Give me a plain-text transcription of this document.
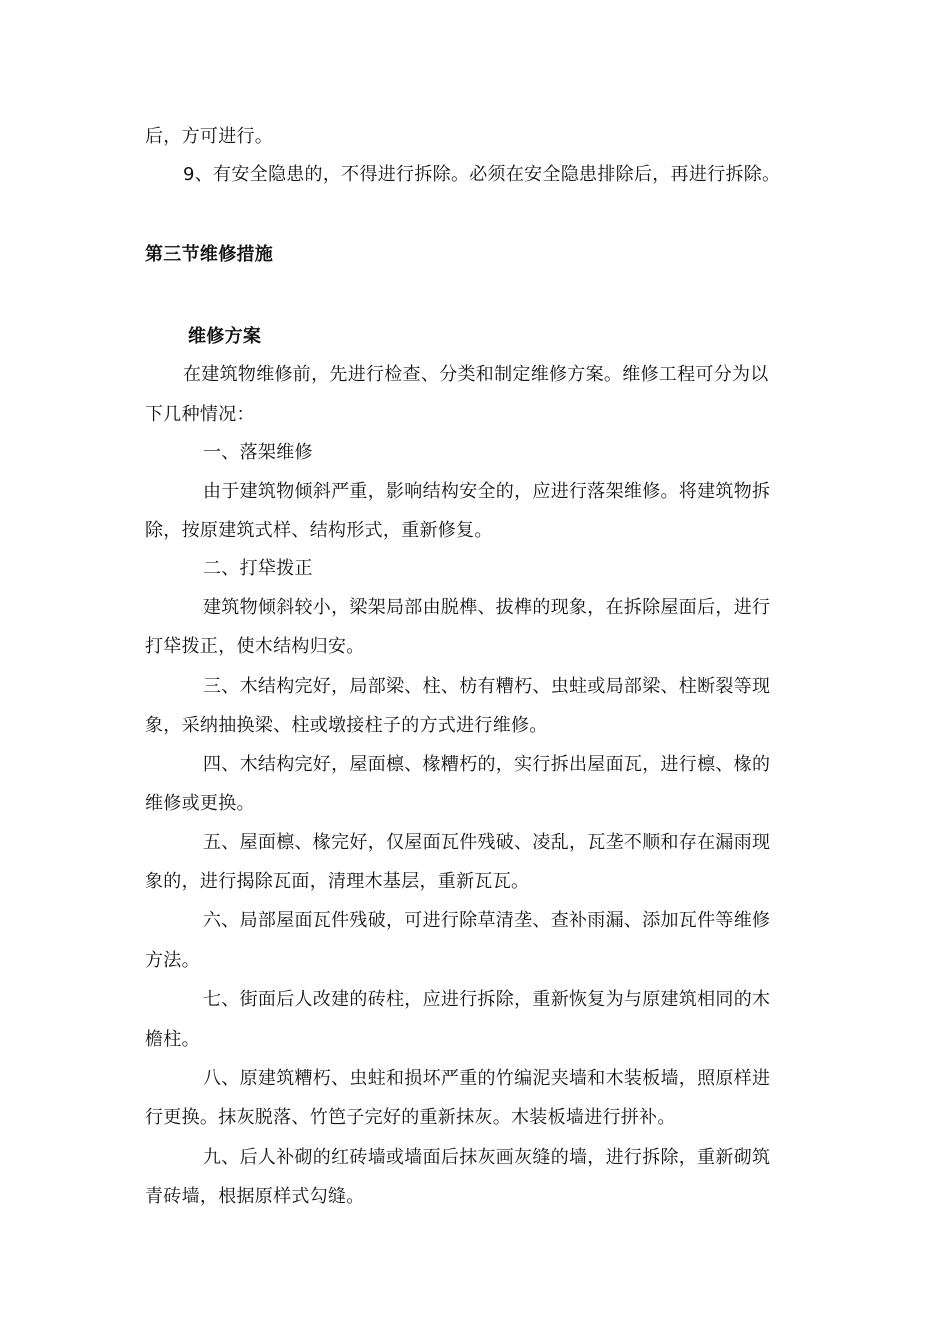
后，方可进行。
9、有安全隐患的，不得进行拆除。必须在安全隐患排除后，再进行拆除。
第三节维修措施
维修方案
在建筑物维修前，先进行检查、分类和制定维修方案。维修工程可分为以
下几种情况：
一、落架维修
由于建筑物倾斜严重，影响结构安全的，应进行落架维修。将建筑物拆
除，按原建筑式样、结构形式，重新修复。
二、打牮拨正
建筑物倾斜较小，梁架局部由脱榫、拔榫的现象，在拆除屋面后，进行
打牮拨正，使木结构归安。
三、木结构完好，局部梁、柱、枋有糟朽、虫蛀或局部梁、柱断裂等现
象，采纳抽换梁、柱或墩接柱子的方式进行维修。
四、木结构完好，屋面檩、椽糟朽的，实行拆出屋面瓦，进行檩、椽的
维修或更换。
五、屋面檩、椽完好，仅屋面瓦件残破、凌乱，瓦垄不顺和存在漏雨现
象的，进行揭除瓦面，清理木基层，重新瓦瓦。
六、局部屋面瓦件残破，可进行除草清垄、查补雨漏、添加瓦件等维修
方法。
七、街面后人改建的砖柱，应进行拆除，重新恢复为与原建筑相同的木
檐柱。
八、原建筑糟朽、虫蛀和损坏严重的竹编泥夹墙和木装板墙，照原样进
行更换。抹灰脱落、竹笆子完好的重新抹灰。木装板墙进行拼补。
九、后人补砌的红砖墙或墙面后抹灰画灰缝的墙，进行拆除，重新砌筑
青砖墙，根据原样式勾缝。
